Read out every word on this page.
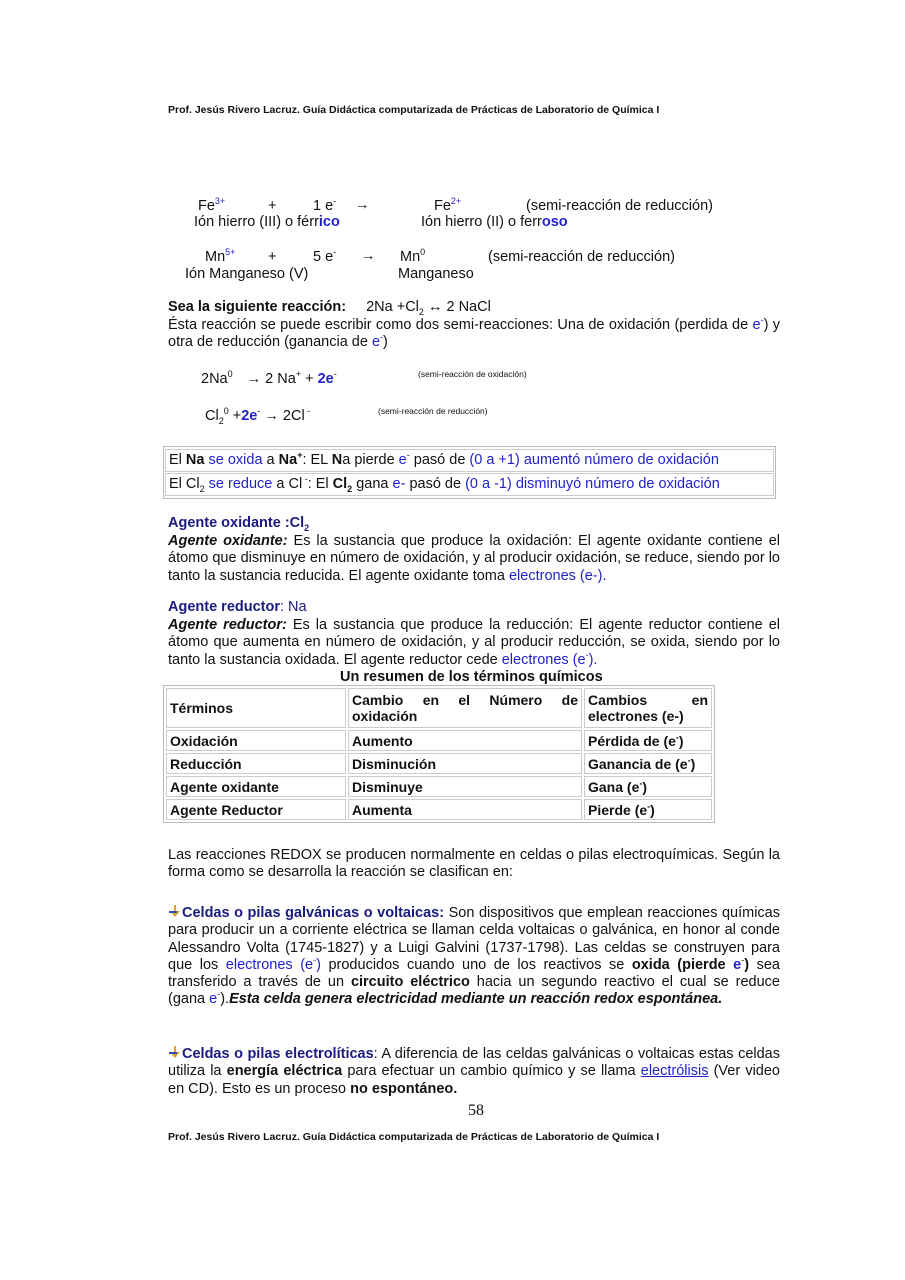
Prof. Jesús Rivero Lacruz. Guía Didáctica computarizada de Prácticas de Laboratorio de Química I
$Fe^{3+}$	+	1 e- →	$Fe^{2+}$	(semi-reacción de reducción)
Ión hierro (III) o férrico	Ión hierro (II) o ferroso
$Mn^{5+}$ +	5 $e^- \to Mn^0$	(semi-reacción de reducción)
Ión Manganeso (V)	Manganeso
Sea la siguiente reacción: $2Na +Cl_2$ ↔ 2 NaCl
Ésta reacción se puede escribir como dos semi-reacciones: Una de oxidación (perdida de e-) y otra de reducción (ganancia de e-)
$2Na^0 \to 2$ Na+ + 2e-	(semi-reacción de oxidación)
$Cl_2^0 +2e^- \to 2Cl$ -	(semi-reacción de reducción)
El Na se oxida a Na+: EL Na pierde e- pasó de (0 a +1) aumentó número de oxidación
El $Cl_2$ se reduce a Cl -: El $Cl_2$ gana e- pasó de (0 a -1) disminuyó número de oxidación
Agente oxidante $:Cl_2$
Agente oxidante: Es la sustancia que produce la oxidación: El agente oxidante contiene el átomo que disminuye en número de oxidación, y al producir oxidación, se reduce, siendo por lo tanto la sustancia reducida. El agente oxidante toma electrones (e-).
Agente reductor: Na
Agente reductor: Es la sustancia que produce la reducción: El agente reductor contiene el átomo que aumenta en número de oxidación, y al producir reducción, se oxida, siendo por lo tanto la sustancia oxidada. El agente reductor cede electrones (e-).
Un resumen de los términos químicos
Términos	Cambio en el Número de oxidación	Cambios en electrones (e-)
Oxidación	Aumento	Pérdida de (e-)
Reducción	Disminución	Ganancia de (e-)
Agente oxidante	Disminuye	Gana (e-)
Agente Reductor	Aumenta	Pierde (e-)
Las reacciones REDOX se producen normalmente en celdas o pilas electroquímicas. Según la forma como se desarrolla la reacción se clasifican en:
Celdas o pilas galvánicas o voltaicas: Son dispositivos que emplean reacciones químicas para producir un a corriente eléctrica se llaman celda voltaicas o galvánica, en honor al conde Alessandro Volta (1745-1827) y a Luigi Galvini (1737-1798). Las celdas se construyen para que los electrones (e-) producidos cuando uno de los reactivos se oxida (pierde e-) sea transferido a través de un circuito eléctrico hacia un segundo reactivo el cual se reduce (gana e-).Esta celda genera electricidad mediante un reacción redox espontánea.
Celdas o pilas electrolíticas: A diferencia de las celdas galvánicas o voltaicas estas celdas utiliza la energía eléctrica para efectuar un cambio químico y se llama electrólisis (Ver video en CD). Esto es un proceso no espontáneo.
58
Prof. Jesús Rivero Lacruz. Guía Didáctica computarizada de Prácticas de Laboratorio de Química I
